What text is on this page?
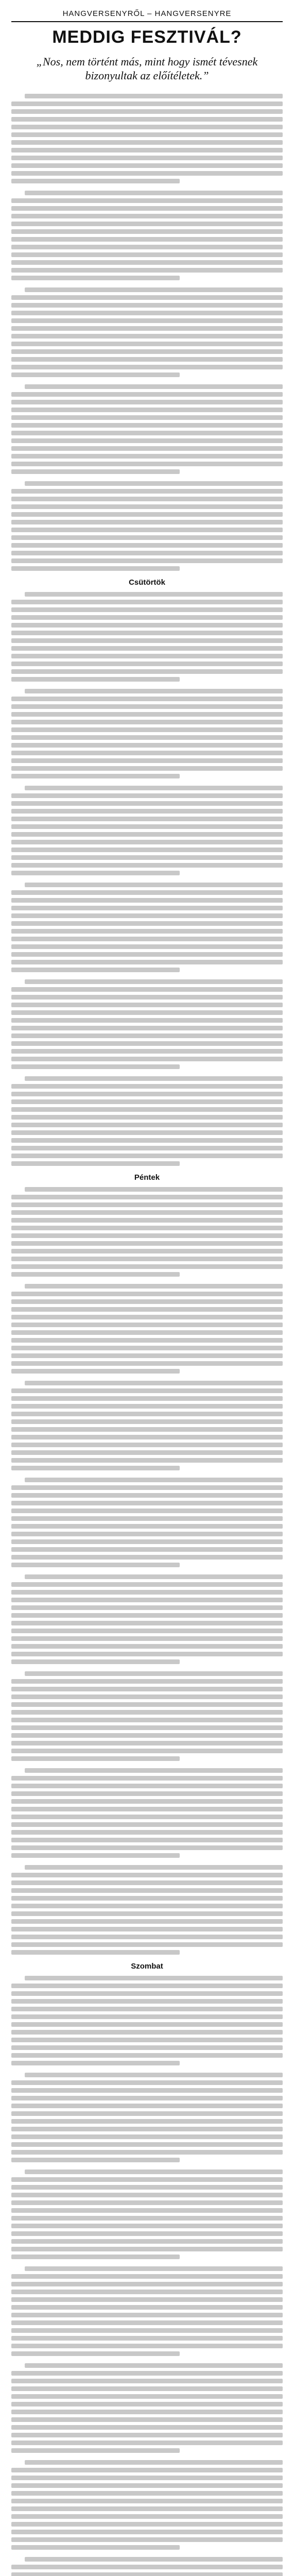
HANGVERSENYRŐL – HANGVERSENYRE
MEDDIG FESZTIVÁL?
„Nos, nem történt más, mint hogy ismét tévesnek bizonyultak az előítéletek.”
Csütörtök
Péntek
Szombat
